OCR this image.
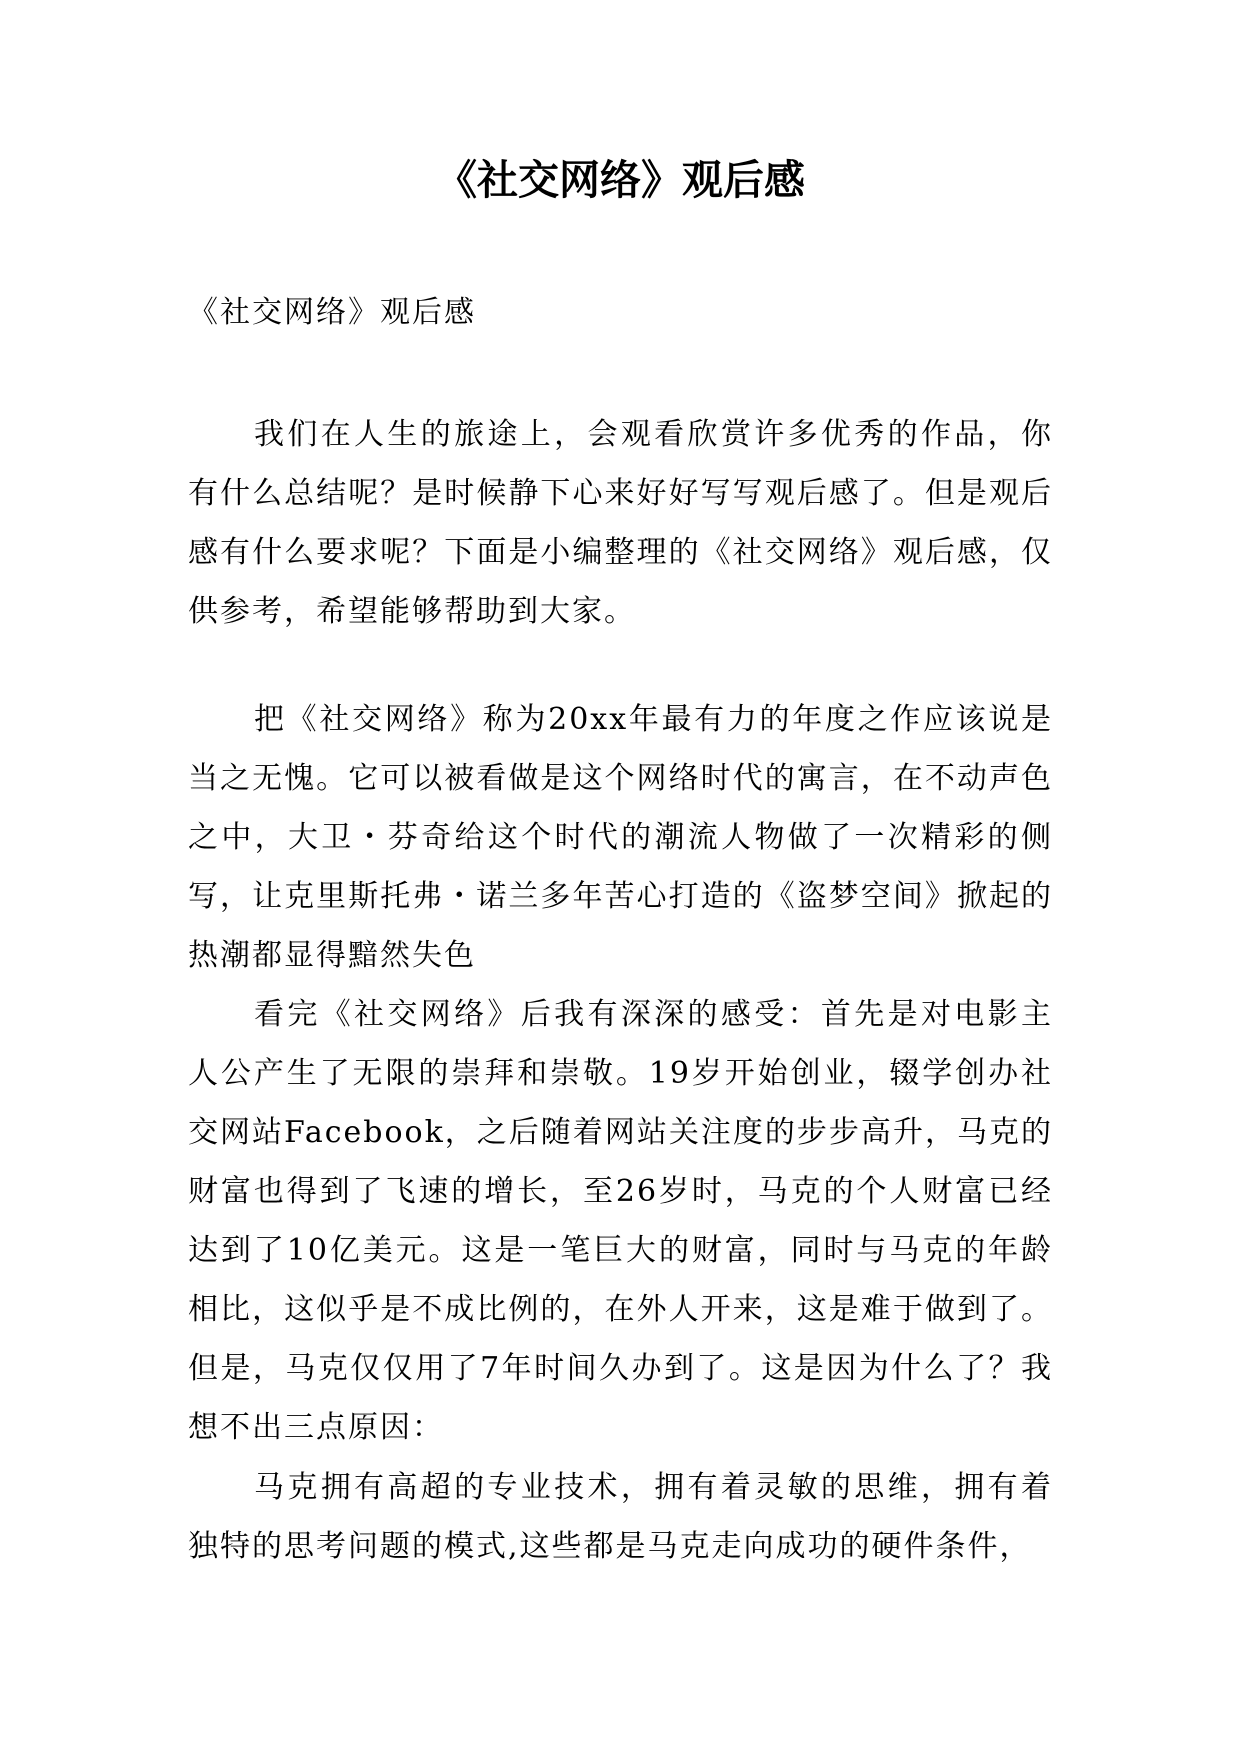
《社交网络》观后感
《社交网络》观后感

我们在人生的旅途上，会观看欣赏许多优秀的作品，你有什么总结呢？是时候静下心来好好写写观后感了。但是观后感有什么要求呢？下面是小编整理的《社交网络》观后感，仅供参考，希望能够帮助到大家。

把《社交网络》称为20xx年最有力的年度之作应该说是当之无愧。它可以被看做是这个网络时代的寓言，在不动声色之中，大卫・芬奇给这个时代的潮流人物做了一次精彩的侧写，让克里斯托弗・诺兰多年苦心打造的《盗梦空间》掀起的热潮都显得黯然失色

看完《社交网络》后我有深深的感受：首先是对电影主人公产生了无限的崇拜和崇敬。19岁开始创业，辍学创办社交网站Facebook，之后随着网站关注度的步步高升，马克的财富也得到了飞速的增长，至26岁时，马克的个人财富已经达到了10亿美元。这是一笔巨大的财富，同时与马克的年龄相比，这似乎是不成比例的，在外人开来，这是难于做到了。但是，马克仅仅用了7年时间久办到了。这是因为什么了？我想不出三点原因：

马克拥有高超的专业技术，拥有着灵敏的思维，拥有着独特的思考问题的模式,这些都是马克走向成功的硬件条件，
